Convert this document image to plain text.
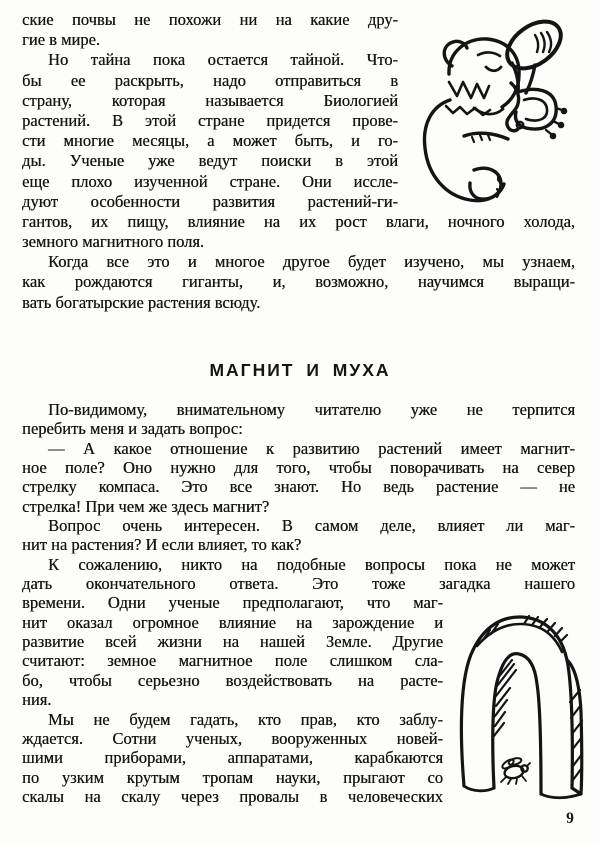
ские почвы не похожи ни на какие дру-
гие в мире.
Но тайна пока остается тайной. Что-
бы ее раскрыть, надо отправиться в
страну, которая называется Биологией
растений. В этой стране придется прове-
сти многие месяцы, а может быть, и го-
ды. Ученые уже ведут поиски в этой
еще плохо изученной стране. Они иссле-
дуют особенности развития растений-ги-
гантов, их пищу, влияние на их рост влаги, ночного холода,
земного магнитного поля.
Когда все это и многое другое будет изучено, мы узнаем,
как рождаются гиганты, и, возможно, научимся выращи-
вать богатырские растения всюду.
МАГНИТ И МУХА
По-видимому, внимательному читателю уже не терпится
перебить меня и задать вопрос:
— А какое отношение к развитию растений имеет магнит-
ное поле? Оно нужно для того, чтобы поворачивать на север
стрелку компаса. Это все знают. Но ведь растение — не
стрелка! При чем же здесь магнит?
Вопрос очень интересен. В самом деле, влияет ли маг-
нит на растения? И если влияет, то как?
К сожалению, никто на подобные вопросы пока не может
дать окончательного ответа. Это тоже загадка нашего
времени. Одни ученые предполагают, что маг-
нит оказал огромное влияние на зарождение и
развитие всей жизни на нашей Земле. Другие
считают: земное магнитное поле слишком сла-
бо, чтобы серьезно воздействовать на расте-
ния.
Мы не будем гадать, кто прав, кто заблу-
ждается. Сотни ученых, вооруженных новей-
шими приборами, аппаратами, карабкаются
по узким крутым тропам науки, прыгают со
скалы на скалу через провалы в человеческих
9
